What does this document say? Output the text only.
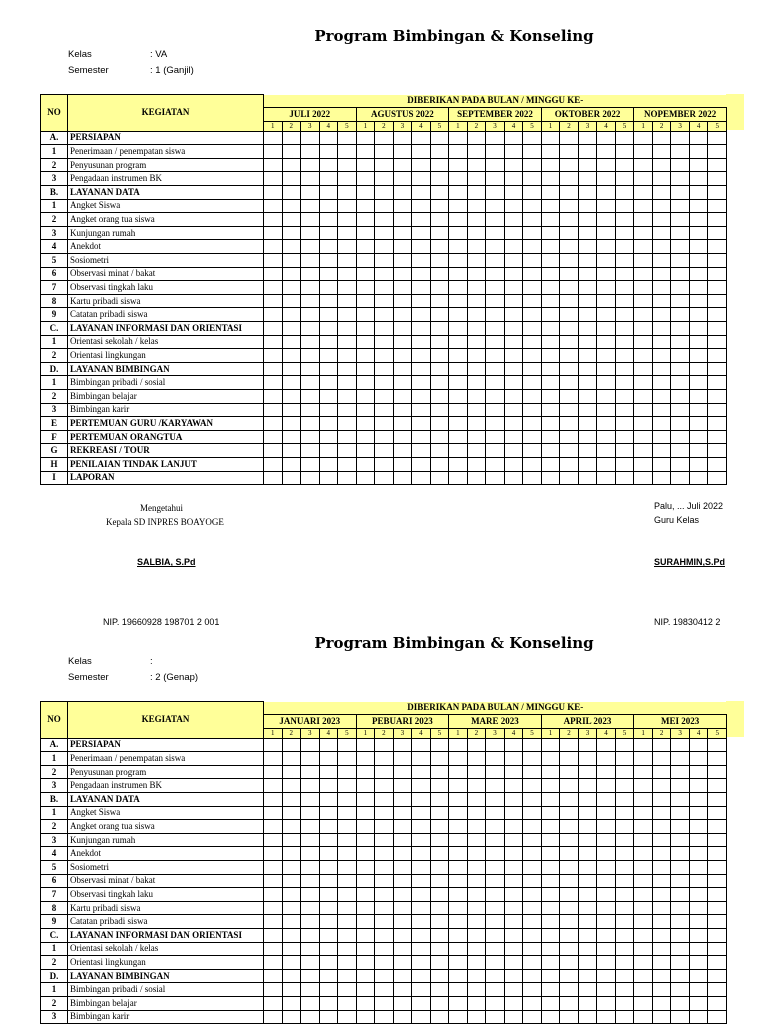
Program Bimbingan & Konseling
Kelas	: VA
Semester	: 1 (Ganjil)
NO	KEGIATAN	DIBERIKAN PADA BULAN / MINGGU KE-																								
		JULI 2022					AGUSTUS 2022					SEPTEMBER 2022					OKTOBER 2022					NOPEMBER 2022				
		1	2	3	4	5	1	2	3	4	5	1	2	3	4	5	1	2	3	4	5	1	2	3	4	5
A.	PERSIAPAN																									
1	Penerimaan / penempatan siswa																									
2	Penyusunan program																									
3	Pengadaan instrumen BK																									
B.	LAYANAN DATA																									
1	Angket Siswa																									
2	Angket orang tua siswa																									
3	Kunjungan rumah																									
4	Anekdot																									
5	Sosiometri																									
6	Observasi minat / bakat																									
7	Observasi tingkah laku																									
8	Kartu pribadi siswa																									
9	Catatan pribadi siswa																									
C.	LAYANAN INFORMASI DAN ORIENTASI																									
1	Orientasi sekolah / kelas																									
2	Orientasi lingkungan																									
D.	LAYANAN BIMBINGAN																									
1	Bimbingan pribadi / sosial																									
2	Bimbingan belajar																									
3	Bimbingan karir																									
E	PERTEMUAN GURU /KARYAWAN																									
F	PERTEMUAN ORANGTUA																									
G	REKREASI / TOUR																									
H	PENILAIAN TINDAK LANJUT																									
I	LAPORAN																									
Mengetahui
Kepala SD INPRES BOAYOGE
SALBIA, S.Pd
NIP. 19660928 198701 2 001
Palu, ... Juli 2022
Guru Kelas
SURAHMIN,S.Pd
NIP. 19830412 2
Program Bimbingan & Konseling
Kelas	:
Semester	: 2 (Genap)
NO	KEGIATAN	DIBERIKAN PADA BULAN / MINGGU KE-																								
		JANUARI 2023					PEBUARI 2023					MARE 2023					APRIL 2023					MEI 2023				
		1	2	3	4	5	1	2	3	4	5	1	2	3	4	5	1	2	3	4	5	1	2	3	4	5
A.	PERSIAPAN																									
1	Penerimaan / penempatan siswa																									
2	Penyusunan program																									
3	Pengadaan instrumen BK																									
B.	LAYANAN DATA																									
1	Angket Siswa																									
2	Angket orang tua siswa																									
3	Kunjungan rumah																									
4	Anekdot																									
5	Sosiometri																									
6	Observasi minat / bakat																									
7	Observasi tingkah laku																									
8	Kartu pribadi siswa																									
9	Catatan pribadi siswa																									
C.	LAYANAN INFORMASI DAN ORIENTASI																									
1	Orientasi sekolah / kelas																									
2	Orientasi lingkungan																									
D.	LAYANAN BIMBINGAN																									
1	Bimbingan pribadi / sosial																									
2	Bimbingan belajar																									
3	Bimbingan karir																									
